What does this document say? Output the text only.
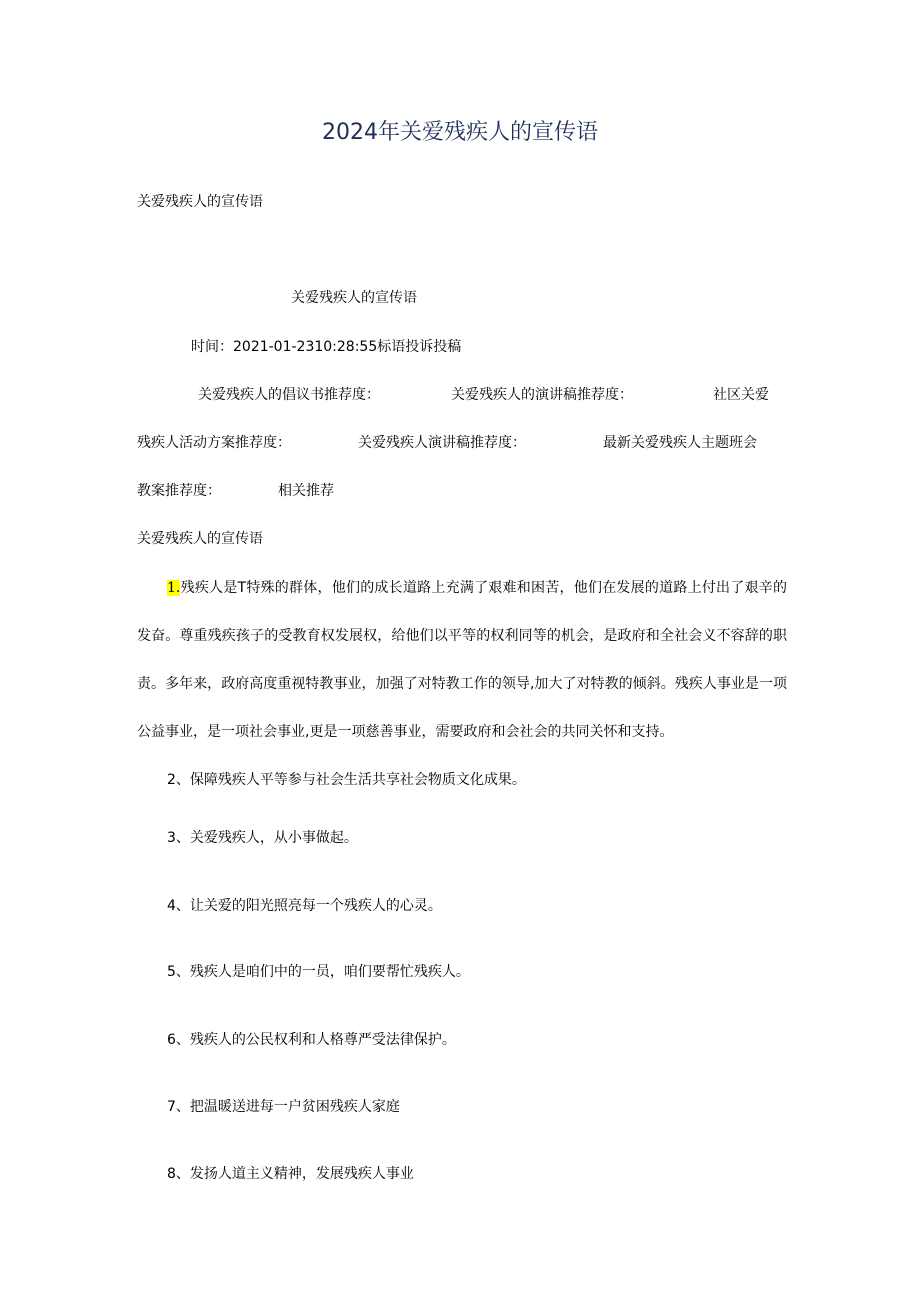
2024年关爱残疾人的宣传语
关爱残疾人的宣传语
关爱残疾人的宣传语
时间：2021-01-2310:28:55标语投诉投稿
关爱残疾人的倡议书推荐度：	关爱残疾人的演讲稿推荐度：	社区关爱
残疾人活动方案推荐度：	关爱残疾人演讲稿推荐度：	最新关爱残疾人主题班会
教案推荐度：	相关推荐
关爱残疾人的宣传语
1.残疾人是T特殊的群体，他们的成长道路上充满了艰难和困苦，他们在发展的道路上付出了艰辛的发奋。尊重残疾孩子的受教育权发展权，给他们以平等的权利同等的机会，是政府和全社会义不容辞的职责。多年来，政府高度重视特教事业，加强了对特教工作的领导,加大了对特教的倾斜。残疾人事业是一项公益事业，是一项社会事业,更是一项慈善事业，需要政府和会社会的共同关怀和支持。
2、保障残疾人平等参与社会生活共享社会物质文化成果。
3、关爱残疾人，从小事做起。
4、让关爱的阳光照亮每一个残疾人的心灵。
5、残疾人是咱们中的一员，咱们要帮忙残疾人。
6、残疾人的公民权利和人格尊严受法律保护。
7、把温暖送进每一户贫困残疾人家庭
8、发扬人道主义精神，发展残疾人事业
